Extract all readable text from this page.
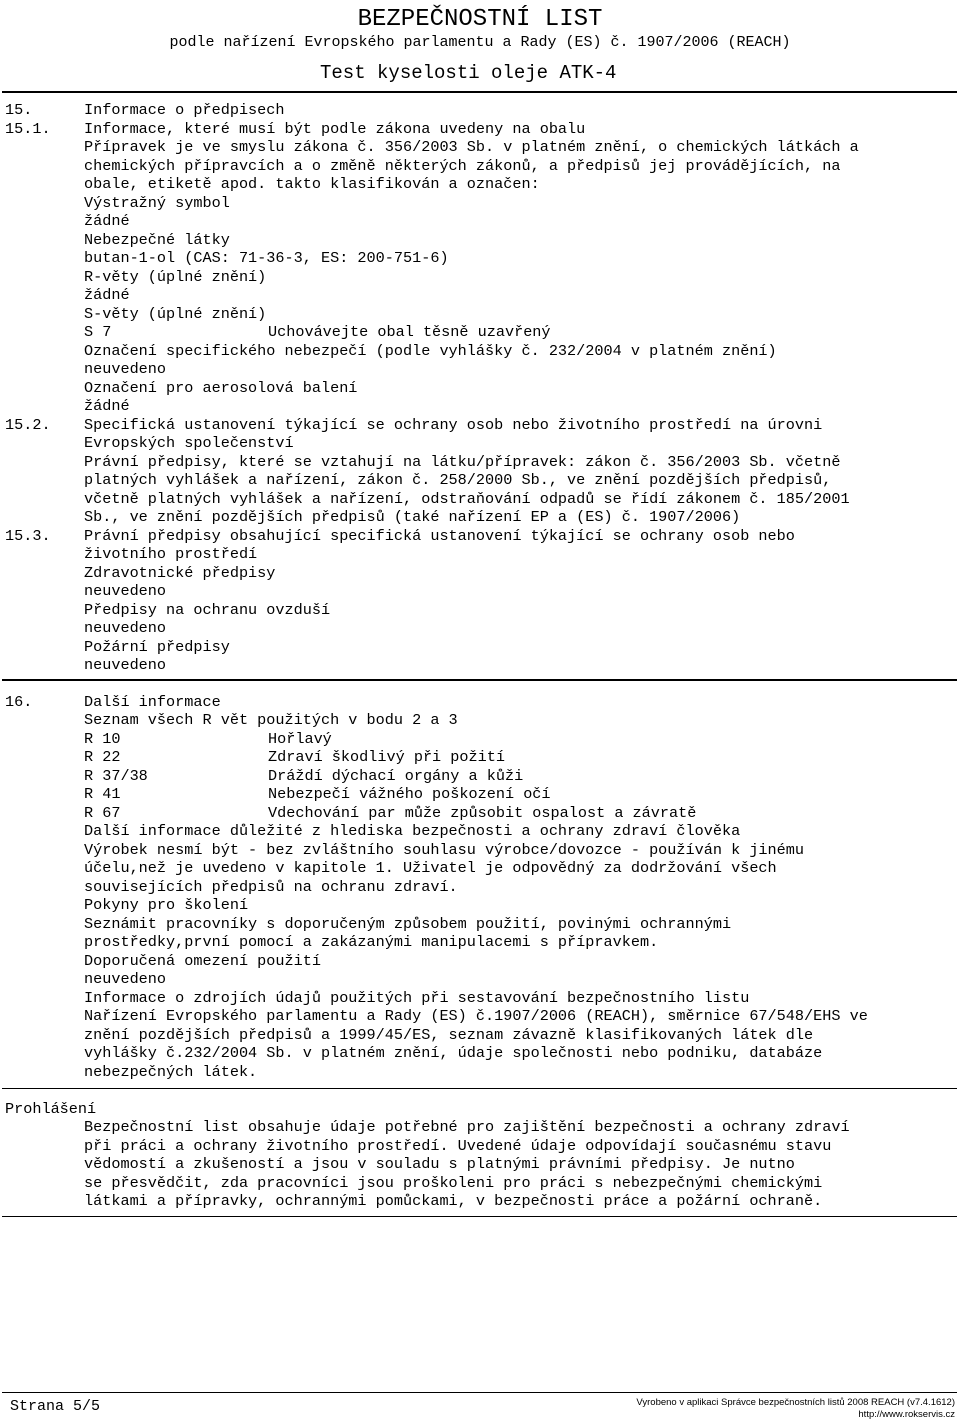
BEZPEČNOSTNÍ LIST
podle nařízení Evropského parlamentu a Rady (ES) č. 1907/2006 (REACH)
Test kyselosti oleje ATK-4
15.	Informace o předpisech
15.1. Informace, které musí být podle zákona uvedeny na obalu
Přípravek je ve smyslu zákona č. 356/2003 Sb. v platném znění, o chemických látkách a
chemických přípravcích a o změně některých zákonů, a předpisů jej provádějících, na
obale, etiketě apod. takto klasifikován a označen:
Výstražný symbol
žádné
Nebezpečné látky
butan-1-ol (CAS: 71-36-3, ES: 200-751-6)
R-věty (úplné znění)
žádné
S-věty (úplné znění)
S 7	Uchovávejte obal těsně uzavřený
Označení specifického nebezpečí (podle vyhlášky č. 232/2004 v platném znění)
neuvedeno
Označení pro aerosolová balení
žádné
15.2. Specifická ustanovení týkající se ochrany osob nebo životního prostředí na úrovni
Evropských společenství
Právní předpisy, které se vztahují na látku/přípravek: zákon č. 356/2003 Sb. včetně
platných vyhlášek a nařízení, zákon č. 258/2000 Sb., ve znění pozdějších předpisů,
včetně platných vyhlášek a nařízení, odstraňování odpadů se řídí zákonem č. 185/2001
Sb., ve znění pozdějších předpisů (také nařízení EP a (ES) č. 1907/2006)
15.3. Právní předpisy obsahující specifická ustanovení týkající se ochrany osob nebo
životního prostředí
Zdravotnické předpisy
neuvedeno
Předpisy na ochranu ovzduší
neuvedeno
Požární předpisy
neuvedeno
16.	Další informace
Seznam všech R vět použitých v bodu 2 a 3
R 10	Hořlavý
R 22	Zdraví škodlivý při požití
R 37/38	Dráždí dýchací orgány a kůži
R 41	Nebezpečí vážného poškození očí
R 67	Vdechování par může způsobit ospalost a závratě
Další informace důležité z hlediska bezpečnosti a ochrany zdraví člověka
Výrobek nesmí být - bez zvláštního souhlasu výrobce/dovozce - používán k jinému
účelu,než je uvedeno v kapitole 1. Uživatel je odpovědný za dodržování všech
souvisejících předpisů na ochranu zdraví.
Pokyny pro školení
Seznámit pracovníky s doporučeným způsobem použití, povinými ochrannými
prostředky,první pomocí a zakázanými manipulacemi s přípravkem.
Doporučená omezení použití
neuvedeno
Informace o zdrojích údajů použitých při sestavování bezpečnostního listu
Nařízení Evropského parlamentu a Rady (ES) č.1907/2006 (REACH), směrnice 67/548/EHS ve
znění pozdějších předpisů a 1999/45/ES, seznam závazně klasifikovaných látek dle
vyhlášky č.232/2004 Sb. v platném znění, údaje společnosti nebo podniku, databáze
nebezpečných látek.
Prohlášení
Bezpečnostní list obsahuje údaje potřebné pro zajištění bezpečnosti a ochrany zdraví
při práci a ochrany životního prostředí. Uvedené údaje odpovídají současnému stavu
vědomostí a zkušeností a jsou v souladu s platnými právními předpisy. Je nutno
se přesvědčit, zda pracovníci jsou proškoleni pro práci s nebezpečnými chemickými
látkami a přípravky, ochrannými pomůckami, v bezpečnosti práce a požární ochraně.
Strana 5/5	Vyrobeno v aplikaci Správce bezpečnostních listů 2008 REACH (v7.4.1612)
http://www.rokservis.cz
